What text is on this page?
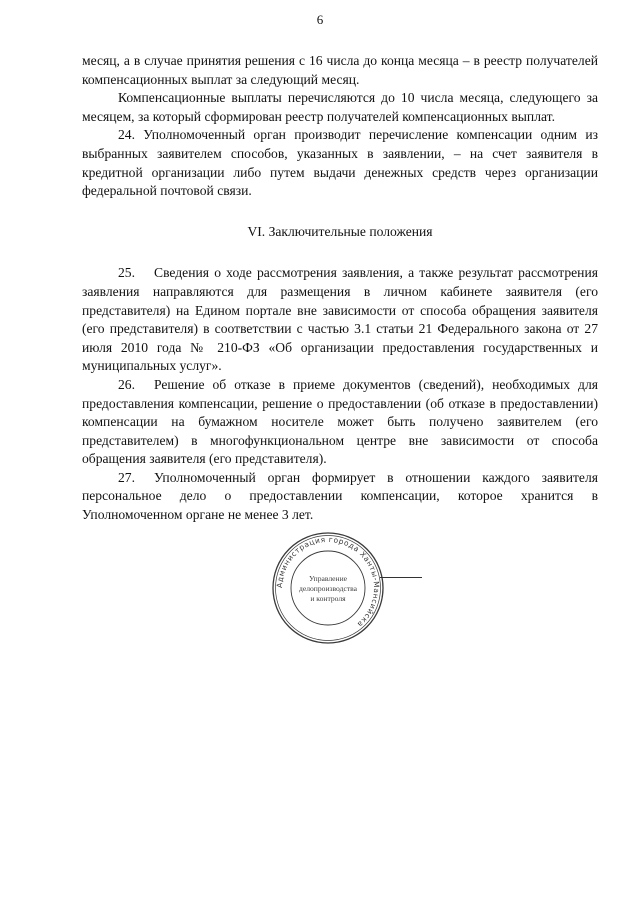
6

месяц, а в случае принятия решения с 16 числа до конца месяца – в реестр получателей компенсационных выплат за следующий месяц.

Компенсационные выплаты перечисляются до 10 числа месяца, следующего за месяцем, за который сформирован реестр получателей компенсационных выплат.

24. Уполномоченный орган производит перечисление компенсации одним из выбранных заявителем способов, указанных в заявлении, – на счет заявителя в кредитной организации либо путем выдачи денежных средств через организации федеральной почтовой связи.

VI. Заключительные положения

25. Сведения о ходе рассмотрения заявления, а также результат рассмотрения заявления направляются для размещения в личном кабинете заявителя (его представителя) на Едином портале вне зависимости от способа обращения заявителя (его представителя) в соответствии с частью 3.1 статьи 21 Федерального закона от 27 июля 2010 года № 210-ФЗ «Об организации предоставления государственных и муниципальных услуг».

26. Решение об отказе в приеме документов (сведений), необходимых для предоставления компенсации, решение о предоставлении (об отказе в предоставлении) компенсации на бумажном носителе может быть получено заявителем (его представителем) в многофункциональном центре вне зависимости от способа обращения заявителя (его представителя).

27. Уполномоченный орган формирует в отношении каждого заявителя персональное дело о предоставлении компенсации, которое хранится в Уполномоченном органе не менее 3 лет.

Администрация города Ханты-Мансийска
Управление
делопроизводства
и контроля
